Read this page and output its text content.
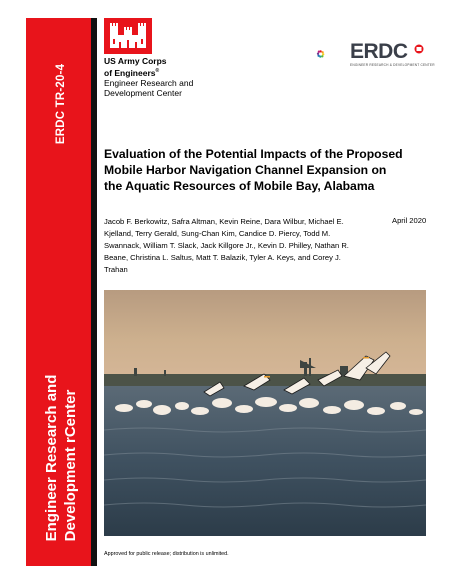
ERDC TR-20-4
Engineer Research and Development rCenter
US Army Corps
of Engineers®
Engineer Research and
Development Center
ERDC
ENGINEER RESEARCH & DEVELOPMENT CENTER
Evaluation of the Potential Impacts of the Proposed Mobile Harbor Navigation Channel Expansion on the Aquatic Resources of Mobile Bay, Alabama
April 2020
Jacob F. Berkowitz, Safra Altman, Kevin Reine, Dara Wilbur, Michael E. Kjelland, Terry Gerald, Sung-Chan Kim, Candice D. Piercy, Todd M. Swannack, William T. Slack, Jack Killgore Jr., Kevin D. Philley, Nathan R. Beane, Christina L. Saltus, Matt T. Balazik, Tyler A. Keys, and Corey J. Trahan
Approved for public release; distribution is unlimited.
